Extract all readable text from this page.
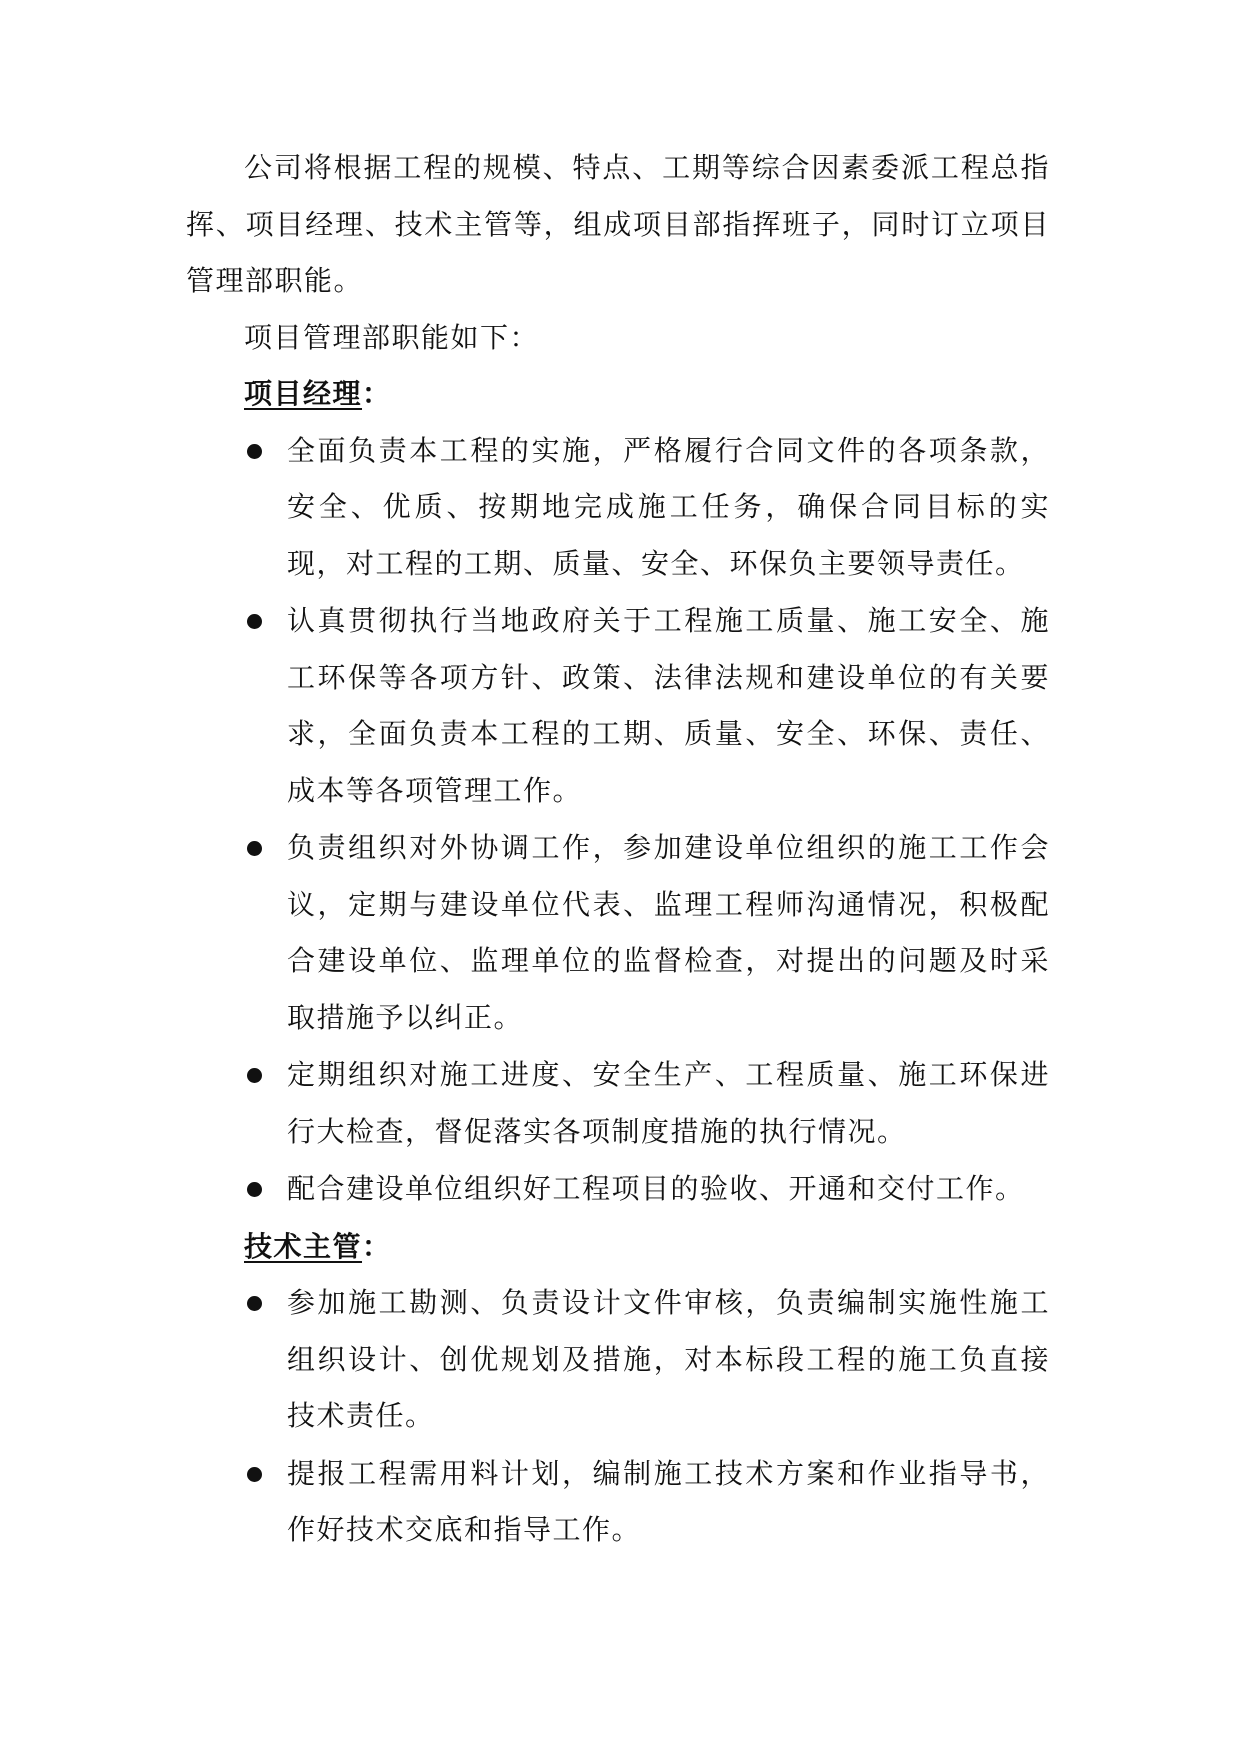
公司将根据工程的规模、特点、工期等综合因素委派工程总指挥、项目经理、技术主管等，组成项目部指挥班子，同时订立项目管理部职能。

项目管理部职能如下：

项目经理：

全面负责本工程的实施，严格履行合同文件的各项条款，安全、优质、按期地完成施工任务，确保合同目标的实现，对工程的工期、质量、安全、环保负主要领导责任。
认真贯彻执行当地政府关于工程施工质量、施工安全、施工环保等各项方针、政策、法律法规和建设单位的有关要求，全面负责本工程的工期、质量、安全、环保、责任、成本等各项管理工作。
负责组织对外协调工作，参加建设单位组织的施工工作会议，定期与建设单位代表、监理工程师沟通情况，积极配合建设单位、监理单位的监督检查，对提出的问题及时采取措施予以纠正。
定期组织对施工进度、安全生产、工程质量、施工环保进行大检查，督促落实各项制度措施的执行情况。
配合建设单位组织好工程项目的验收、开通和交付工作。

技术主管：

参加施工勘测、负责设计文件审核，负责编制实施性施工组织设计、创优规划及措施，对本标段工程的施工负直接技术责任。
提报工程需用料计划，编制施工技术方案和作业指导书，作好技术交底和指导工作。
